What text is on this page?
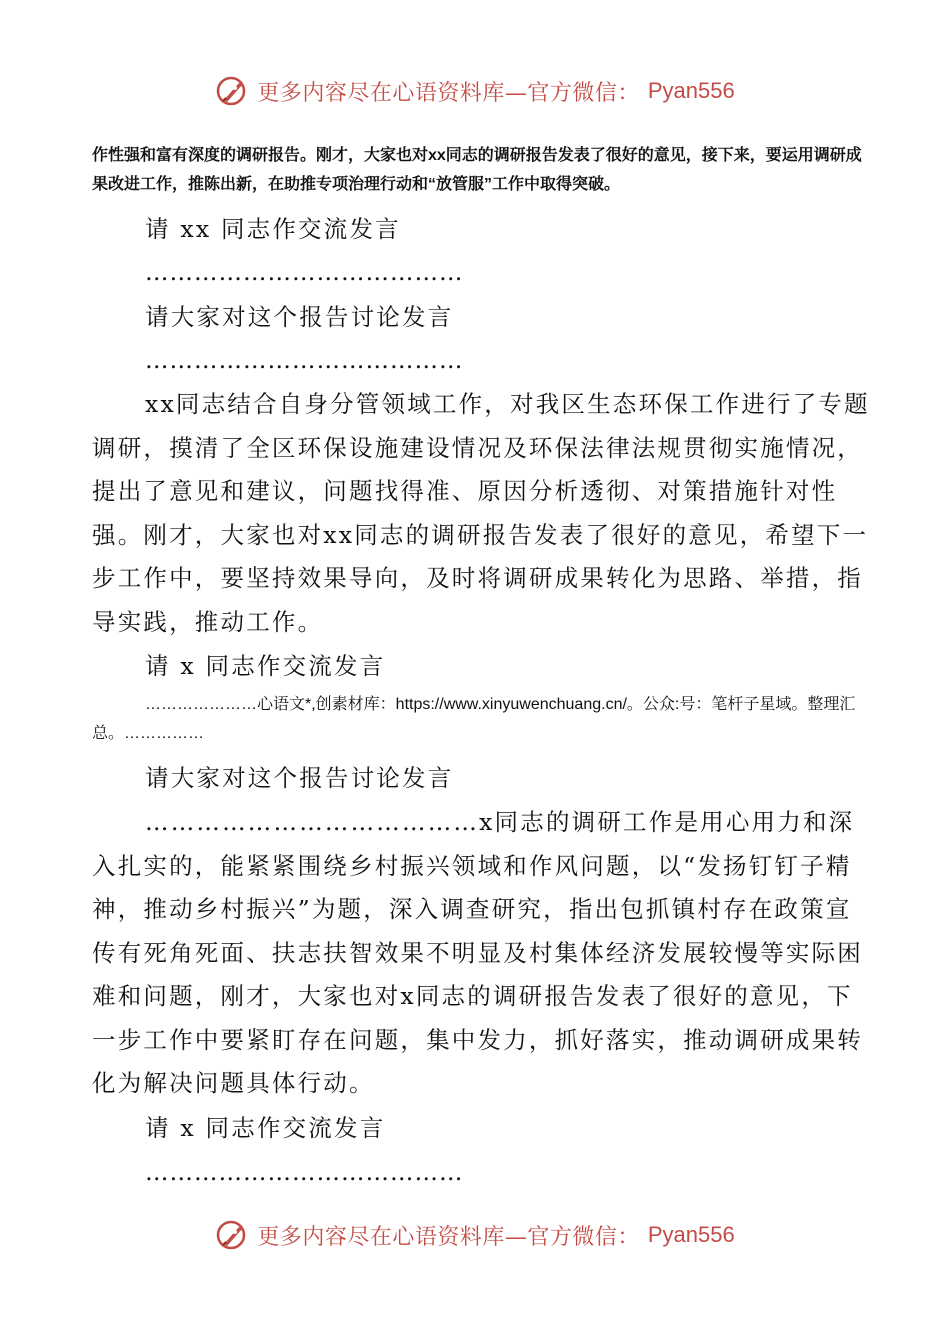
更多内容尽在心语资料库—官方微信： Pyan556

作性强和富有深度的调研报告。刚才，大家也对xx同志的调研报告发表了很好的意见，接下来，要运用调研成果改进工作，推陈出新，在助推专项治理行动和“放管服”工作中取得突破。

请 xx 同志作交流发言

…………………………………

请大家对这个报告讨论发言

…………………………………

xx同志结合自身分管领域工作，对我区生态环保工作进行了专题调研，摸清了全区环保设施建设情况及环保法律法规贯彻实施情况，提出了意见和建议，问题找得准、原因分析透彻、对策措施针对性强。刚才，大家也对xx同志的调研报告发表了很好的意见，希望下一步工作中，要坚持效果导向，及时将调研成果转化为思路、举措，指导实践，推动工作。

请 x 同志作交流发言

…………………心语文*,创素材库：https://www.xinyuwenchuang.cn/。公众:号：笔杆子星域。整理汇总。……………

请大家对这个报告讨论发言

…………………………………x同志的调研工作是用心用力和深入扎实的，能紧紧围绕乡村振兴领域和作风问题，以“发扬钉钉子精神，推动乡村振兴”为题，深入调查研究，指出包抓镇村存在政策宣传有死角死面、扶志扶智效果不明显及村集体经济发展较慢等实际困难和问题，刚才，大家也对x同志的调研报告发表了很好的意见，下一步工作中要紧盯存在问题，集中发力，抓好落实，推动调研成果转化为解决问题具体行动。

请 x 同志作交流发言

…………………………………

更多内容尽在心语资料库—官方微信： Pyan556
